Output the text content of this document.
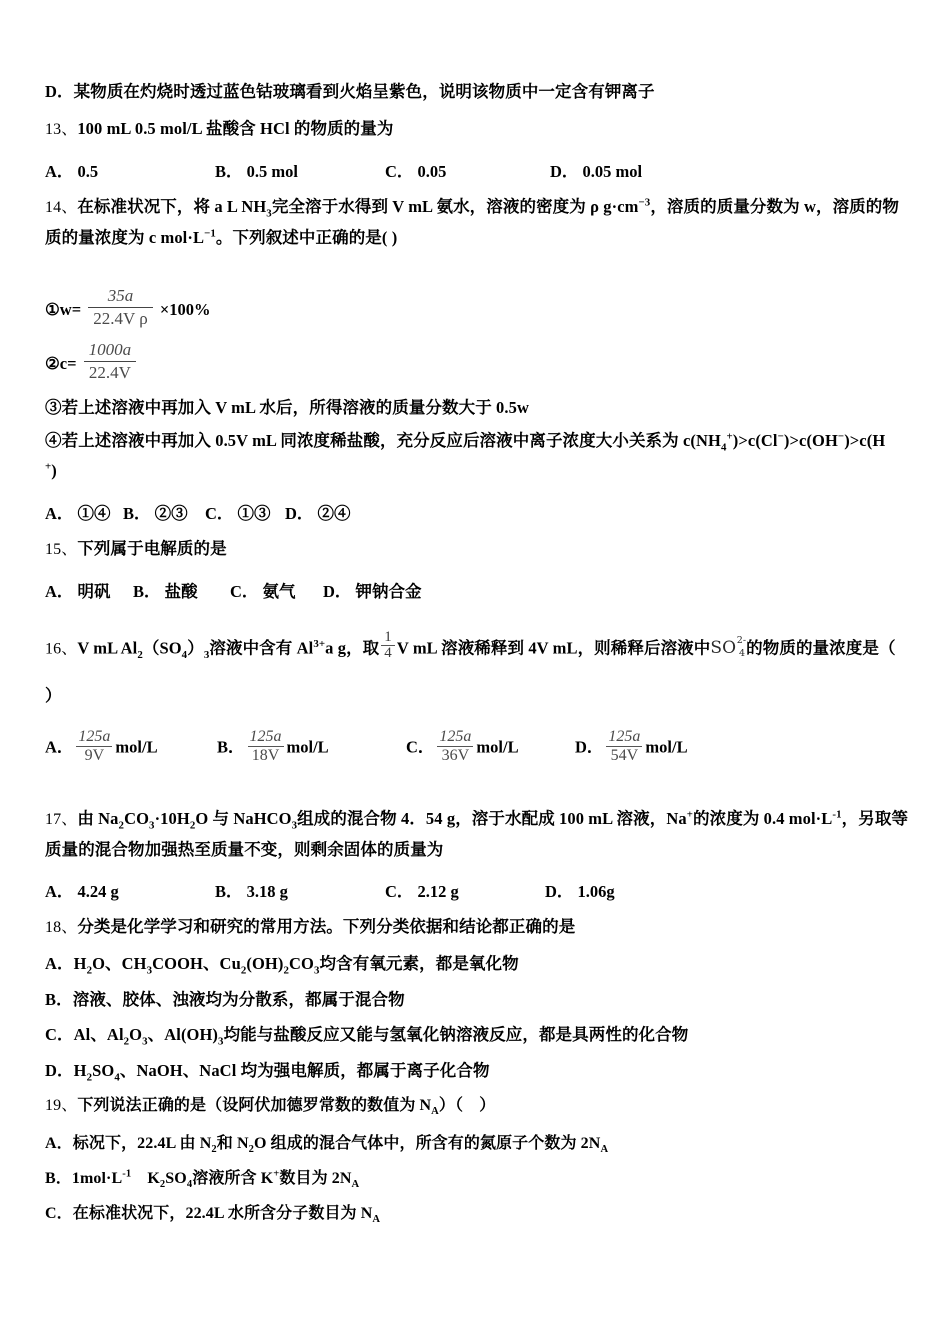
D．某物质在灼烧时透过蓝色钴玻璃看到火焰呈紫色，说明该物质中一定含有钾离子
13、100 mL 0.5 mol/L 盐酸含 HCl 的物质的量为
A． 0.5	B． 0.5 mol	C． 0.05	D． 0.05 mol
14、在标准状况下，将 a L $NH_3$完全溶于水得到 V mL 氨水，溶液的密度为 ρ $g\cdot cm^{-3}$，溶质的质量分数为 w，溶质的物
质的量浓度为 c $mol\cdot L^{-1}$。下列叙述中正确的是( )
①w= $\frac{35a}{\text{22.4V ρ}} \times 100\%$
②c= $\frac{1000a}{22.4V}$
③若上述溶液中再加入 V mL 水后，所得溶液的质量分数大于 0.5w
④若上述溶液中再加入 0.5V mL 同浓度稀盐酸，充分反应后溶液中离子浓度大小关系为 $c(NH_4^+)>c(Cl^-)>c(OH^-)>c(H$
+)
A． ①④ B． ②③ C． ①③ D． ②④
15、下列属于电解质的是
A． 明矾 B． 盐酸 C． 氨气 D． 钾钠合金
16、V mL $Al_2(SO_4)_3$溶液中含有 $Al^{3+}a$ g，取 $\frac{1}{4}$ V mL 溶液稀释到 4V mL，则稀释后溶液中SO 2-
4 的物质的量浓度是（
）
A． $\frac{125a}{9V} mol/L$	B． $\frac{125a}{18V} mol/L$	C． $\frac{125a}{36V} mol/L$	D． $\frac{125a}{54V} mol/L$
17、由 $Na_2CO_3\cdot 10H_2O$ 与 NaHCO$_3$组成的混合物 4．54 g，溶于水配成 100 mL 溶液，Na+的浓度为 0.4 $mol\cdot L^{-1}$，另取等
质量的混合物加强热至质量不变，则剩余固体的质量为
A． 4.24 g	B． 3.18 g	C． 2.12 g	D． 1.06g
18、分类是化学学习和研究的常用方法。下列分类依据和结论都正确的是
A．$H_2O$、$CH_3COOH$、$Cu_2(OH)_2CO_3$均含有氧元素，都是氧化物
B．溶液、胶体、浊液均为分散系，都属于混合物
C．Al、$Al_2O_3$、$Al(OH)_3$均能与盐酸反应又能与氢氧化钠溶液反应，都是具两性的化合物
D．$H_2SO_4$、NaOH、NaCl 均为强电解质，都属于离子化合物
19、下列说法正确的是（设阿伏加德罗常数的数值为 $N_A$）（　）
A．标况下，22.4L 由 $N_2$和 $N_2O$ 组成的混合气体中，所含有的氮原子个数为 $2N_A$
B．$1mol\cdot L^{-1}$　$K_2SO_4$溶液所含 K+数目为 $2N_A$
C．在标准状况下，22.4L 水所含分子数目为 $N_A$
